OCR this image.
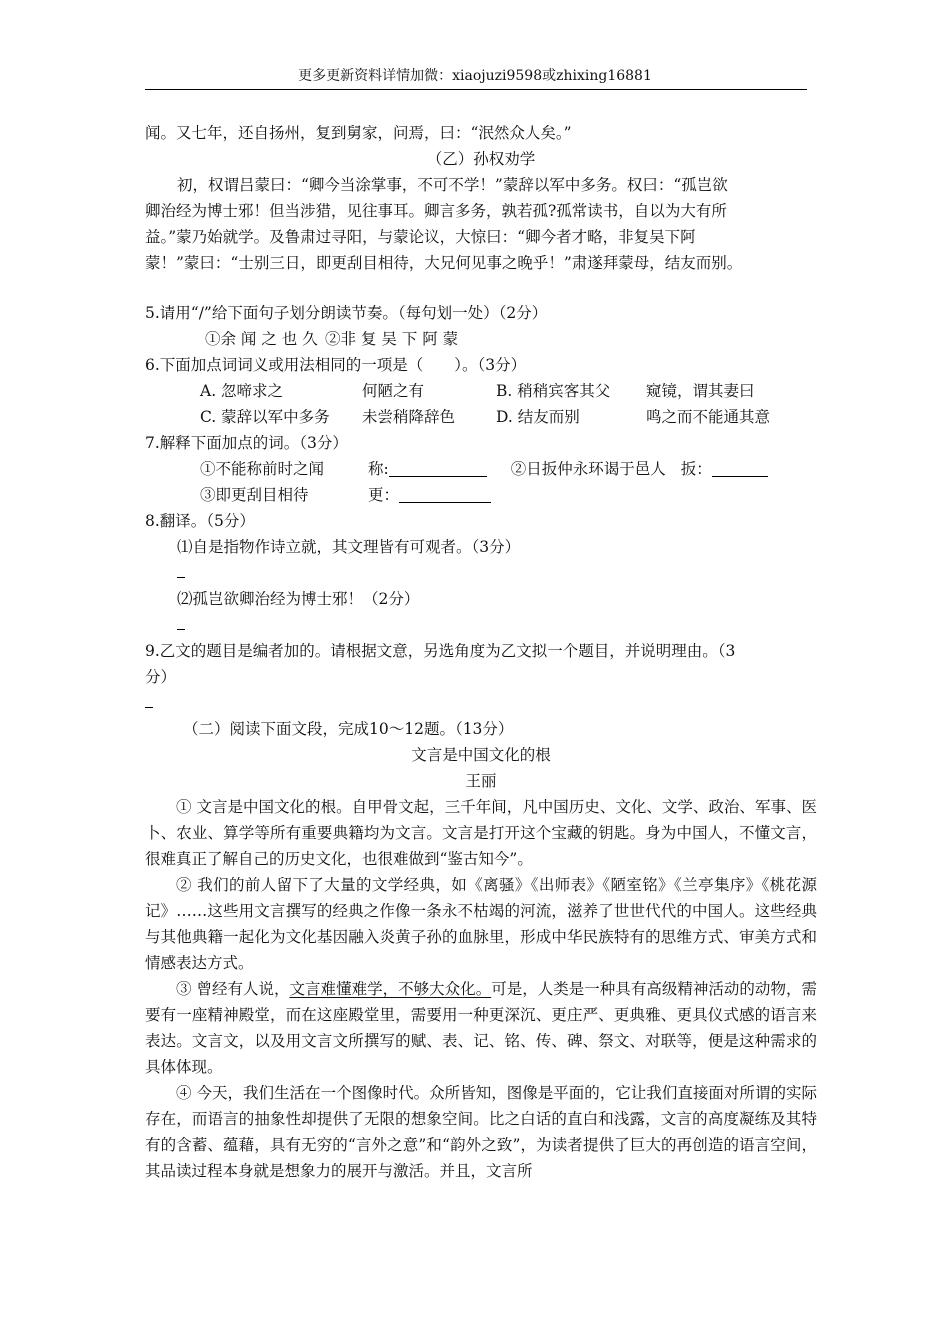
更多更新资料详情加微：xiaojuzi9598或zhixing16881

闻。又七年，还自扬州，复到舅家，问焉，曰：“泯然众人矣。”

（乙）孙权劝学

初，权谓吕蒙曰：“卿今当涂掌事，不可不学！”蒙辞以军中多务。权曰：“孤岂欲

卿治经为博士邪！但当涉猎，见往事耳。卿言多务，孰若孤?孤常读书，自以为大有所

益。”蒙乃始就学。及鲁肃过寻阳，与蒙论议，大惊曰：“卿今者才略，非复吴下阿

蒙！”蒙曰：“士别三日，即更刮目相待，大兄何见事之晚乎！”肃遂拜蒙母，结友而别。

5.请用“/”给下面句子划分朗读节奏。（每句划一处）（2分）

①余 闻 之 也 久 ②非 复 吴 下 阿 蒙

6.下面加点词词义或用法相同的一项是（　　）。（3分）

A. 忽啼求之	何陋之有	B. 稍稍宾客其父 窥镜，谓其妻曰

C. 蒙辞以军中多务 未尝稍降辞色	D. 结友而别	鸣之而不能通其意

7.解释下面加点的词。（3分）

①不能称前时之闻	称:	②日扳仲永环谒于邑人 扳：

③即更刮目相待	更：

8.翻译。（5分）

⑴自是指物作诗立就，其文理皆有可观者。（3分）

⑵孤岂欲卿治经为博士邪！（2分）

9.乙文的题目是编者加的。请根据文意，另选角度为乙文拟一个题目，并说明理由。（3

分）

（二）阅读下面文段，完成10～12题。（13分）

文言是中国文化的根

王丽

① 文言是中国文化的根。自甲骨文起，三千年间，凡中国历史、文化、文学、政治、军事、医卜、农业、算学等所有重要典籍均为文言。文言是打开这个宝藏的钥匙。身为中国人，不懂文言，很难真正了解自己的历史文化，也很难做到“鉴古知今”。

② 我们的前人留下了大量的文学经典，如《离骚》《出师表》《陋室铭》《兰亭集序》《桃花源记》……这些用文言撰写的经典之作像一条永不枯竭的河流，滋养了世世代代的中国人。这些经典与其他典籍一起化为文化基因融入炎黄子孙的血脉里，形成中华民族特有的思维方式、审美方式和情感表达方式。

③ 曾经有人说，文言难懂难学，不够大众化。可是，人类是一种具有高级精神活动的动物，需要有一座精神殿堂，而在这座殿堂里，需要用一种更深沉、更庄严、更典雅、更具仪式感的语言来表达。文言文，以及用文言文所撰写的赋、表、记、铭、传、碑、祭文、对联等，便是这种需求的具体体现。

④ 今天，我们生活在一个图像时代。众所皆知，图像是平面的，它让我们直接面对所谓的实际存在，而语言的抽象性却提供了无限的想象空间。比之白话的直白和浅露，文言的高度凝练及其特有的含蓄、蕴藉，具有无穷的“言外之意”和“韵外之致”，为读者提供了巨大的再创造的语言空间，其品读过程本身就是想象力的展开与激活。并且，文言所
